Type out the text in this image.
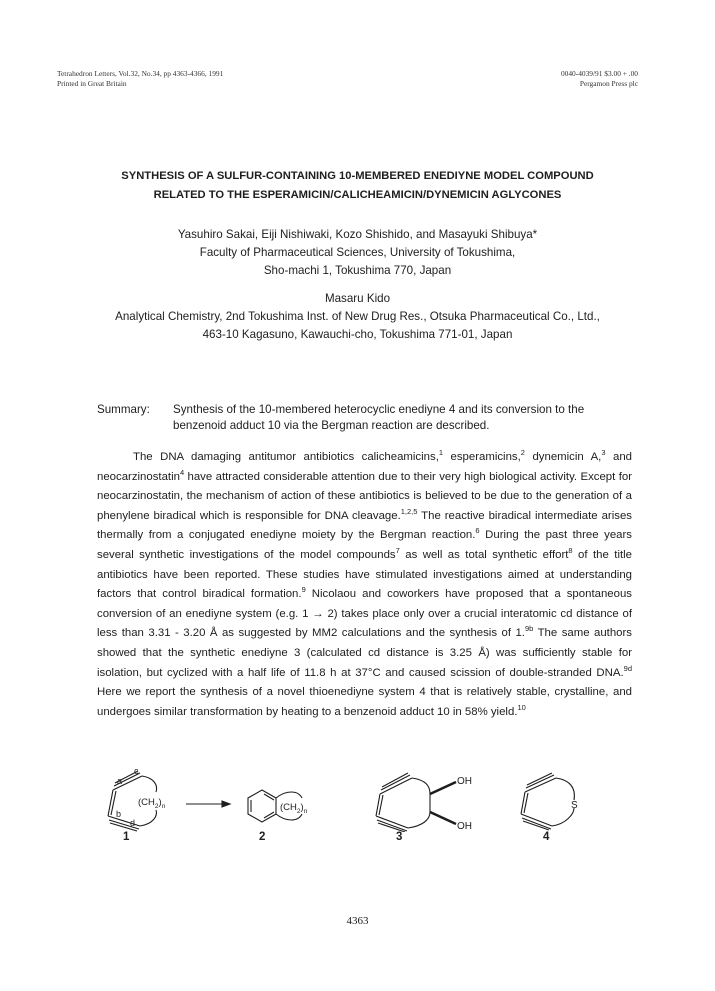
Tetrahedron Letters, Vol.32, No.34, pp 4363-4366, 1991
Printed in Great Britain
0040-4039/91 $3.00 + .00
Pergamon Press plc
SYNTHESIS OF A SULFUR-CONTAINING 10-MEMBERED ENEDIYNE MODEL COMPOUND
RELATED TO THE ESPERAMICIN/CALICHEAMICIN/DYNEMICIN AGLYCONES
Yasuhiro Sakai, Eiji Nishiwaki, Kozo Shishido, and Masayuki Shibuya*
Faculty of Pharmaceutical Sciences, University of Tokushima,
Sho-machi 1, Tokushima 770, Japan
Masaru Kido
Analytical Chemistry, 2nd Tokushima Inst. of New Drug Res., Otsuka Pharmaceutical Co., Ltd.,
463-10 Kagasuno, Kawauchi-cho, Tokushima 771-01, Japan
Summary: Synthesis of the 10-membered heterocyclic enediyne 4 and its conversion to the benzenoid adduct 10 via the Bergman reaction are described.

The DNA damaging antitumor antibiotics calicheamicins,$^1$ esperamicins,$^2$ dynemicin A,$^3$ and neocarzinostatin$^4$ have attracted considerable attention due to their very high biological activity. Except for neocarzinostatin, the mechanism of action of these antibiotics is believed to be due to the generation of a phenylene biradical which is responsible for DNA cleavage.$^{1,2,5}$ The reactive biradical intermediate arises thermally from a conjugated enediyne moiety by the Bergman reaction.$^6$ During the past three years several synthetic investigations of the model compounds$^7$ as well as total synthetic effort$^8$ of the title antibiotics have been reported. These studies have stimulated investigations aimed at understanding factors that control biradical formation.$^9$ Nicolaou and coworkers have proposed that a spontaneous conversion of an enediyne system (e.g. 1 → 2) takes place only over a crucial interatomic cd distance of less than 3.31 - 3.20 Å as suggested by MM2 calculations and the synthesis of 1.$^{9b}$ The same authors showed that the synthetic enediyne 3 (calculated cd distance is 3.25 Å) was sufficiently stable for isolation, but cyclized with a half life of 11.8 h at 37°C and caused scission of double-stranded DNA.$^{9d}$ Here we report the synthesis of a novel thioenediyne system 4 that is relatively stable, crystalline, and undergoes similar transformation by heating to a benzenoid adduct 10 in 58% yield.$^{10}$

a
c
b
d
$(CH_2)_n$	$(CH_2)_n$
OH
OH
S
1	2	3	4
4363
